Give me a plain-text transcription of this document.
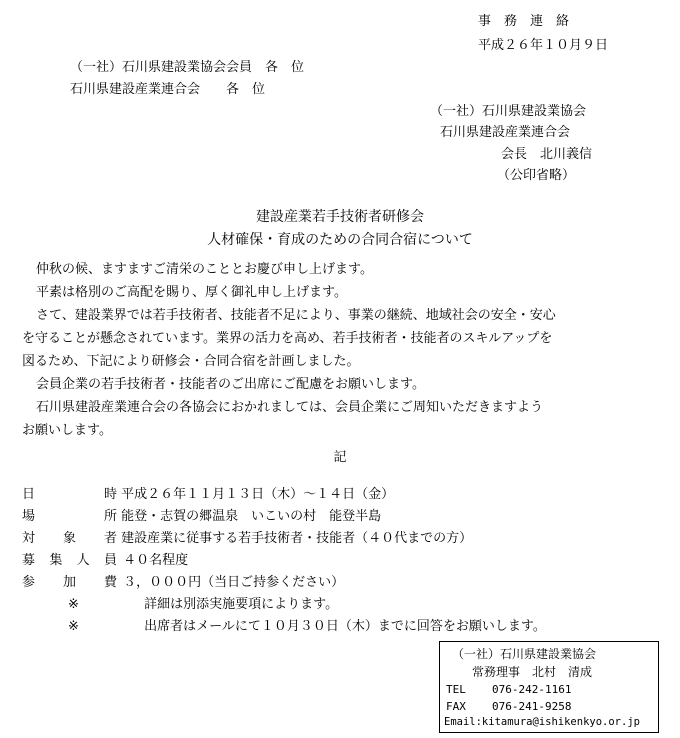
事　務　連　絡
平成２６年１０月９日
（一社）石川県建設業協会会員　各　位
石川県建設産業連合会　　各　位
（一社）石川県建設業協会
石川県建設産業連合会
会長　北川義信
（公印省略）
建設産業若手技術者研修会
人材確保・育成のための合同合宿について
仲秋の候、ますますご清栄のこととお慶び申し上げます。
平素は格別のご高配を賜り、厚く御礼申し上げます。
さて、建設業界では若手技術者、技能者不足により、事業の継続、地域社会の安全・安心
を守ることが懸念されています。業界の活力を高め、若手技術者・技能者のスキルアップを
図るため、下記により研修会・合同合宿を計画しました。
会員企業の若手技術者・技能者のご出席にご配慮をお願いします。
石川県建設産業連合会の各協会におかれましては、会員企業にご周知いただきますよう
お願いします。
記
日　時 平成２６年１１月１３日（木）～１４日（金）
場　所 能登・志賀の郷温泉　いこいの村　能登半島
対象者 建設産業に従事する若手技術者・技能者（４０代までの方）
募集人員 ４０名程度
参加費 ３，０００円（当日ご持参ください）
※	詳細は別添実施要項によります。
※	出席者はメールにて１０月３０日（木）までに回答をお願いします。
（一社）石川県建設業協会
常務理事　北村　清成
TEL 076-242-1161
FAX 076-241-9258
Email:kitamura@ishikenkyo.or.jp
